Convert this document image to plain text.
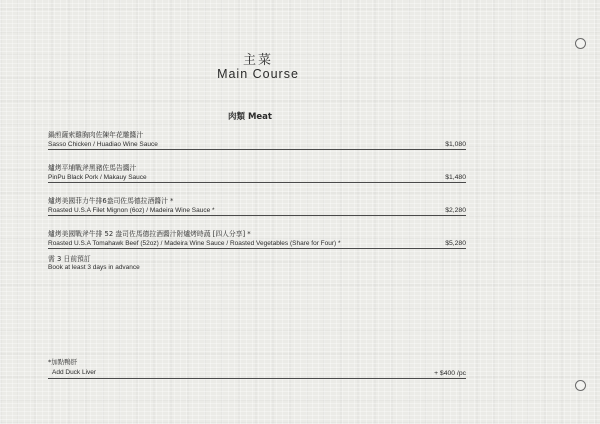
主菜
Main Course
肉類 Meat
鍋煎薩索雞胸肉佐陳年花雕醬汁
Sasso Chicken / Huadiao Wine Sauce	$1,080
爐烤平埔戰斧黑豬佐馬告醬汁
PinPu Black Pork / Makauy Sauce	$1,480
爐烤美國菲力牛排6盎司佐馬德拉酒醬汁 *
Roasted U.S.A Filet Mignon (6oz) / Madeira Wine Sauce *	$2,280
爐烤美國戰斧牛排 52 盎司佐馬德拉酒醬汁附爐烤時蔬 [四人分享] *
Roasted U.S.A Tomahawk Beef (52oz) / Madeira Wine Sauce / Roasted Vegetables (Share for Four) *	$5,280
需 3 日前預訂
Book at least 3 days in advance
*加點鴨肝
Add Duck Liver	+ $400 /pc
